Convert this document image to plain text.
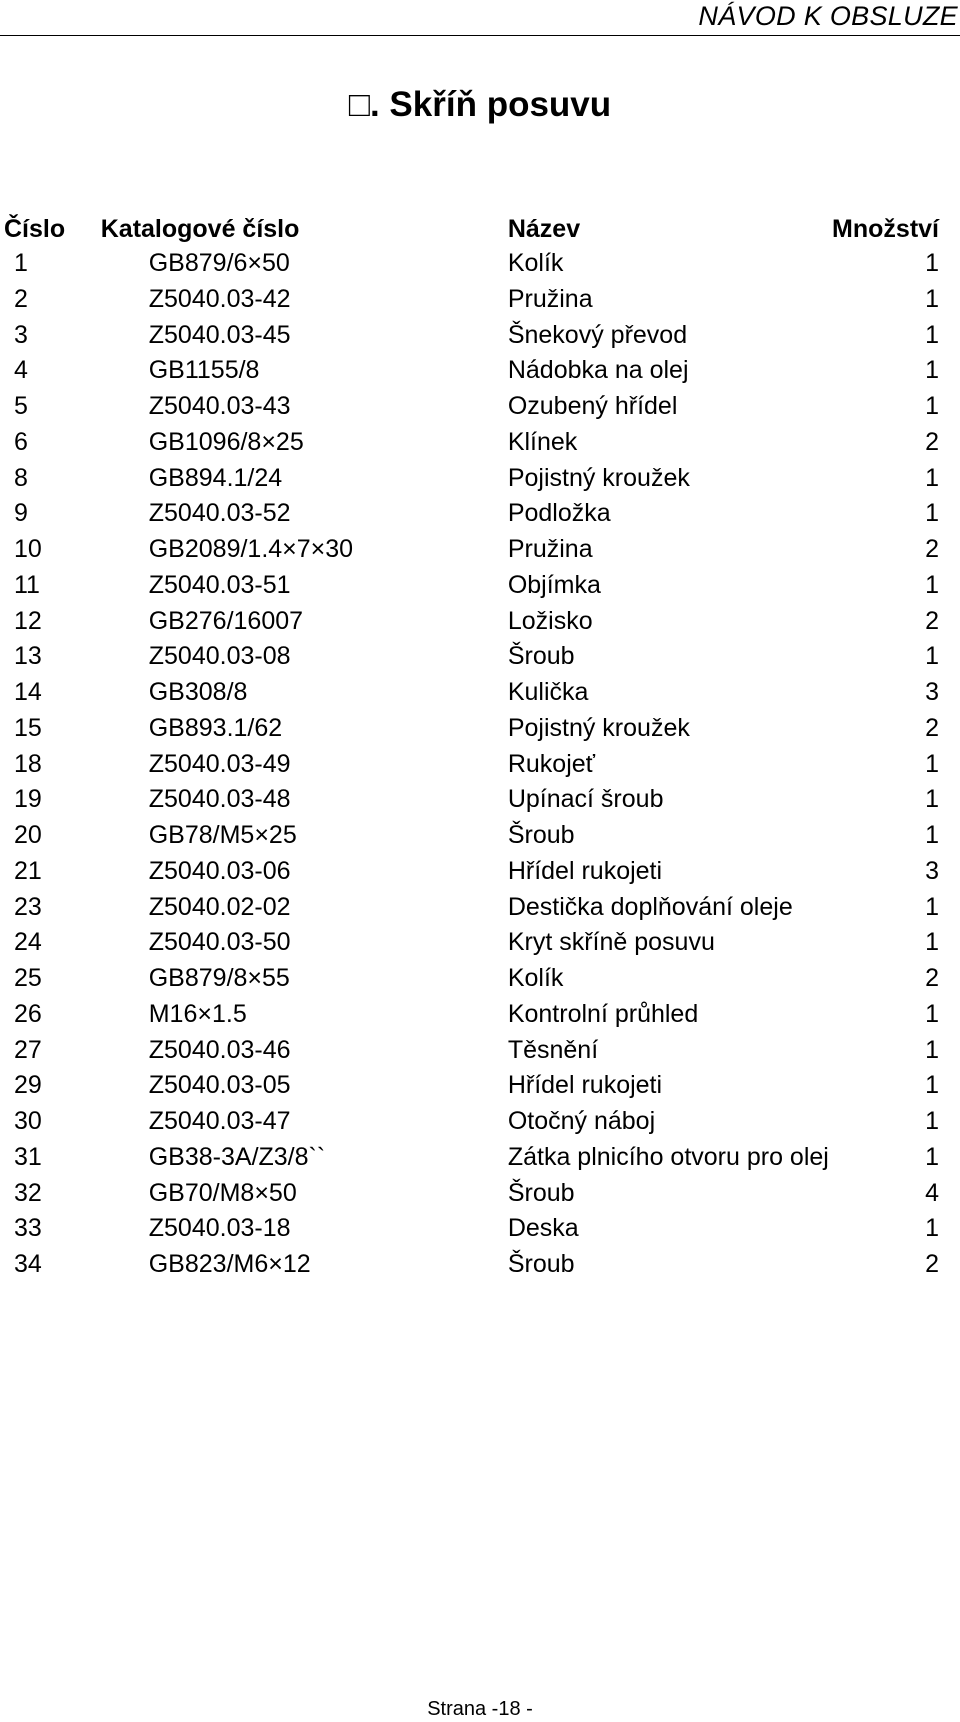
NÁVOD K OBSLUZE
□. Skříň posuvu
Číslo	Katalogové číslo	Název	Množství
1	GB879/6×50	Kolík	1
2	Z5040.03-42	Pružina	1
3	Z5040.03-45	Šnekový převod	1
4	GB1155/8	Nádobka na olej	1
5	Z5040.03-43	Ozubený hřídel	1
6	GB1096/8×25	Klínek	2
8	GB894.1/24	Pojistný kroužek	1
9	Z5040.03-52	Podložka	1
10	GB2089/1.4×7×30	Pružina	2
11	Z5040.03-51	Objímka	1
12	GB276/16007	Ložisko	2
13	Z5040.03-08	Šroub	1
14	GB308/8	Kulička	3
15	GB893.1/62	Pojistný kroužek	2
18	Z5040.03-49	Rukojeť	1
19	Z5040.03-48	Upínací šroub	1
20	GB78/M5×25	Šroub	1
21	Z5040.03-06	Hřídel rukojeti	3
23	Z5040.02-02	Destička doplňování oleje	1
24	Z5040.03-50	Kryt skříně posuvu	1
25	GB879/8×55	Kolík	2
26	M16×1.5	Kontrolní průhled	1
27	Z5040.03-46	Těsnění	1
29	Z5040.03-05	Hřídel rukojeti	1
30	Z5040.03-47	Otočný náboj	1
31	GB38-3A/Z3/8``	Zátka plnicího otvoru pro olej	1
32	GB70/M8×50	Šroub	4
33	Z5040.03-18	Deska	1
34	GB823/M6×12	Šroub	2
Strana -18 -
